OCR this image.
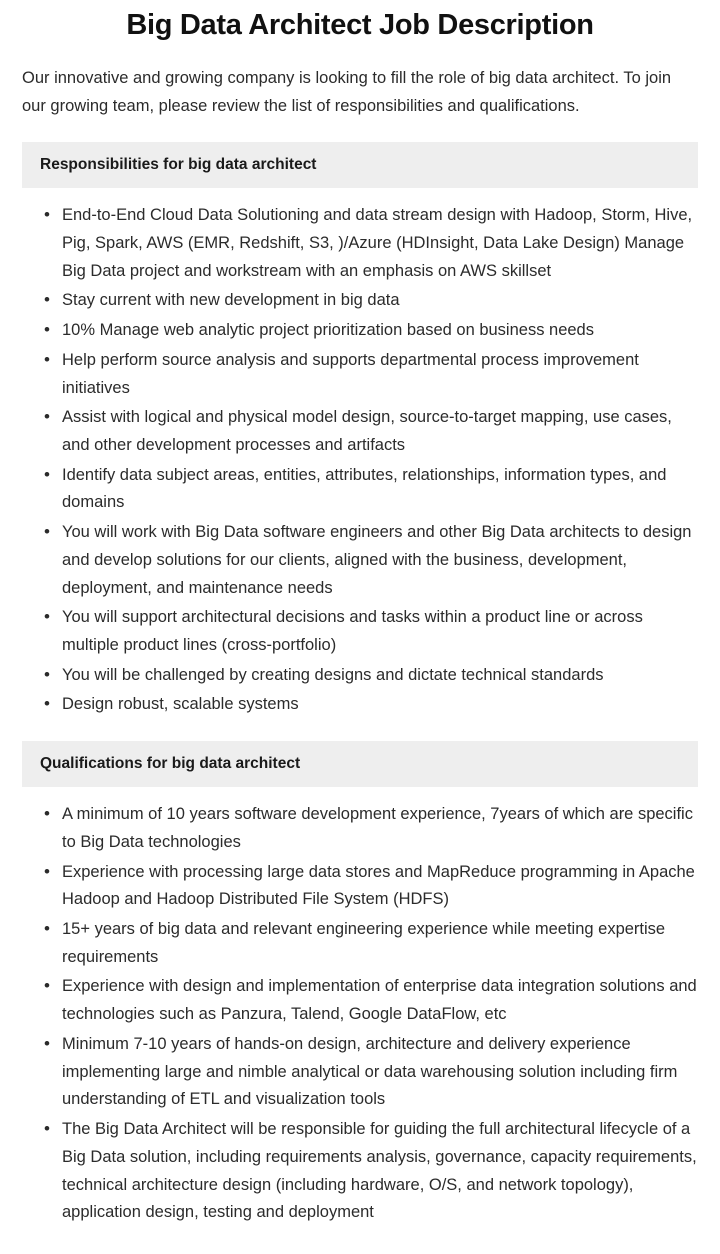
Big Data Architect Job Description

Our innovative and growing company is looking to fill the role of big data architect. To join our growing team, please review the list of responsibilities and qualifications.

Responsibilities for big data architect
• End-to-End Cloud Data Solutioning and data stream design with Hadoop, Storm, Hive, Pig, Spark, AWS (EMR, Redshift, S3, )/Azure (HDInsight, Data Lake Design) Manage Big Data project and workstream with an emphasis on AWS skillset
• Stay current with new development in big data
• 10% Manage web analytic project prioritization based on business needs
• Help perform source analysis and supports departmental process improvement initiatives
• Assist with logical and physical model design, source-to-target mapping, use cases, and other development processes and artifacts
• Identify data subject areas, entities, attributes, relationships, information types, and domains
• You will work with Big Data software engineers and other Big Data architects to design and develop solutions for our clients, aligned with the business, development, deployment, and maintenance needs
• You will support architectural decisions and tasks within a product line or across multiple product lines (cross-portfolio)
• You will be challenged by creating designs and dictate technical standards
• Design robust, scalable systems
Qualifications for big data architect
• A minimum of 10 years software development experience, 7years of which are specific to Big Data technologies
• Experience with processing large data stores and MapReduce programming in Apache Hadoop and Hadoop Distributed File System (HDFS)
• 15+ years of big data and relevant engineering experience while meeting expertise requirements
• Experience with design and implementation of enterprise data integration solutions and technologies such as Panzura, Talend, Google DataFlow, etc
• Minimum 7-10 years of hands-on design, architecture and delivery experience implementing large and nimble analytical or data warehousing solution including firm understanding of ETL and visualization tools
• The Big Data Architect will be responsible for guiding the full architectural lifecycle of a Big Data solution, including requirements analysis, governance, capacity requirements, technical architecture design (including hardware, O/S, and network topology), application design, testing and deployment
